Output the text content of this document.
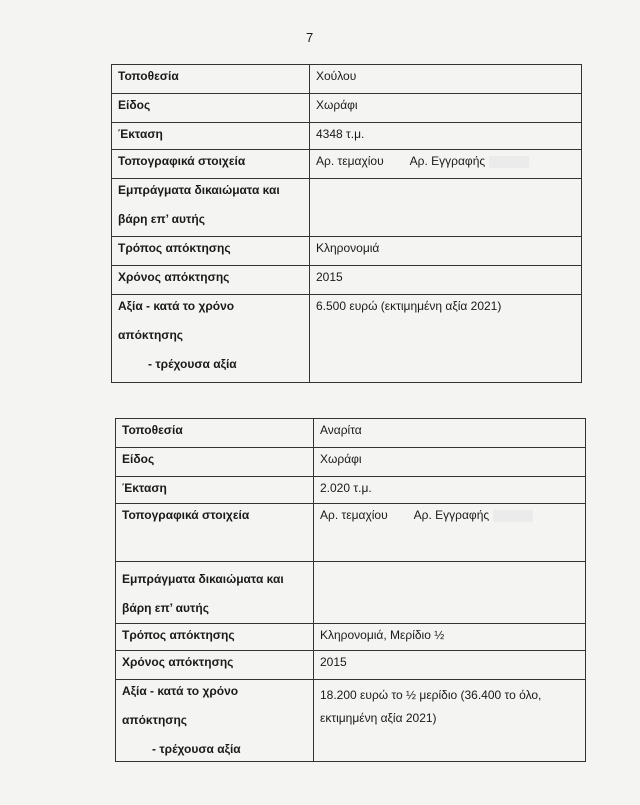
7
Τοποθεσία	Χούλου
Είδος	Χωράφι
Έκταση	4348 τ.μ.
Τοπογραφικά στοιχεία	Αρ. τεμαχίου Αρ. Εγγραφής
Εμπράγματα δικαιώματα και
βάρη επ’ αυτής	

Τρόπος απόκτησης	Κληρονομιά
Χρόνος απόκτησης	2015
Αξία - κατά το χρόνο
απόκτησης
- τρέχουσα αξία	6.500 ευρώ (εκτιμημένη αξία 2021)
Τοποθεσία	Αναρίτα
Είδος	Χωράφι
Έκταση	2.020 τ.μ.
Τοπογραφικά στοιχεία	Αρ. τεμαχίου Αρ. Εγγραφής
Εμπράγματα δικαιώματα και
βάρη επ’ αυτής	

Τρόπος απόκτησης	Κληρονομιά, Μερίδιο ½
Χρόνος απόκτησης	2015
Αξία - κατά το χρόνο
απόκτησης
- τρέχουσα αξία	18.200 ευρώ το ½ μερίδιο (36.400 το όλο, εκτιμημένη αξία 2021)
